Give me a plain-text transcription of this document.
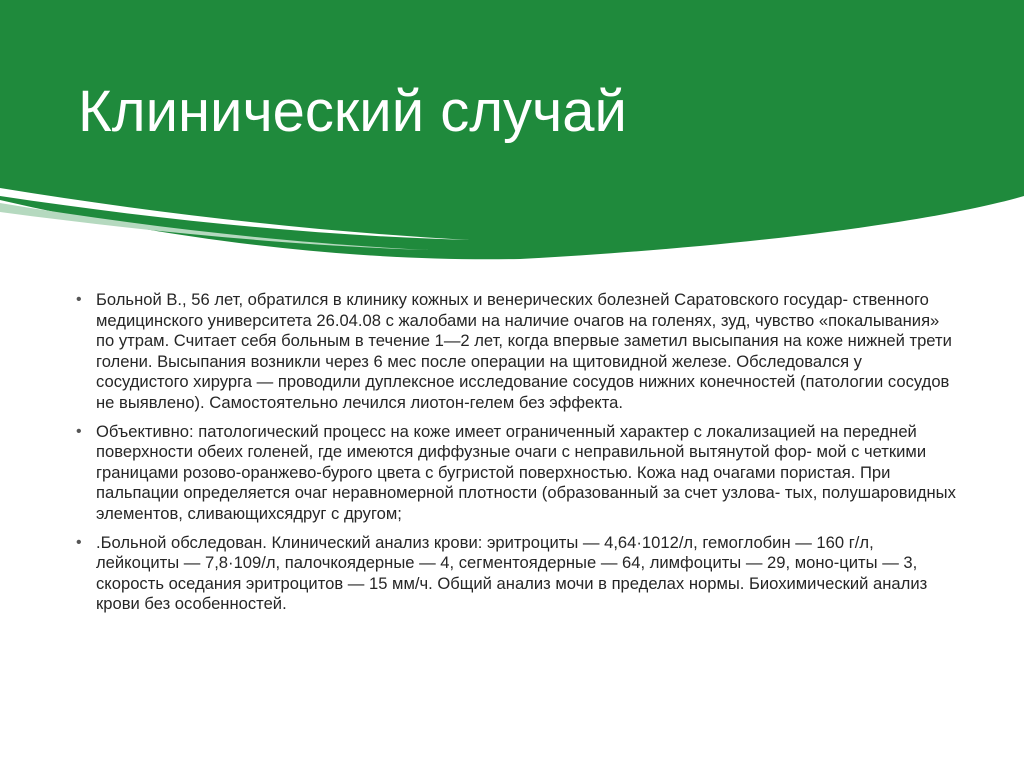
Клинический случай
• Больной В., 56 лет, обратился в клинику кожных и венерических болезней Саратовского государ- ственного медицинского университета 26.04.08 с жалобами на наличие очагов на голенях, зуд, чувство «покалывания» по утрам. Считает себя больным в течение 1—2 лет, когда впервые заметил высыпания на коже нижней трети голени. Высыпания возникли через 6 мес после операции на щитовидной железе. Обследовался у сосудистого хирурга — проводили дуплексное исследование сосудов нижних конечностей (патологии сосудов не выявлено). Самостоятельно лечился лиотон-гелем без эффекта.
• Объективно: патологический процесс на коже имеет ограниченный характер с локализацией на передней поверхности обеих голеней, где имеются диффузные очаги с неправильной вытянутой фор- мой с четкими границами розово-оранжево-бурого цвета с бугристой поверхностью. Кожа над очагами пористая. При пальпации определяется очаг неравномерной плотности (образованный за счет узлова- тых, полушаровидных элементов, сливающихсядруг с другом;
• .Больной обследован. Клинический анализ крови: эритроциты — 4,64·1012/л, гемоглобин — 160 г/л, лейкоциты — 7,8·109/л, палочкоядерные — 4, сегментоядерные — 64, лимфоциты — 29, моно-циты — 3, скорость оседания эритроцитов — 15 мм/ч. Общий анализ мочи в пределах нормы. Биохимический анализ крови без особенностей.
